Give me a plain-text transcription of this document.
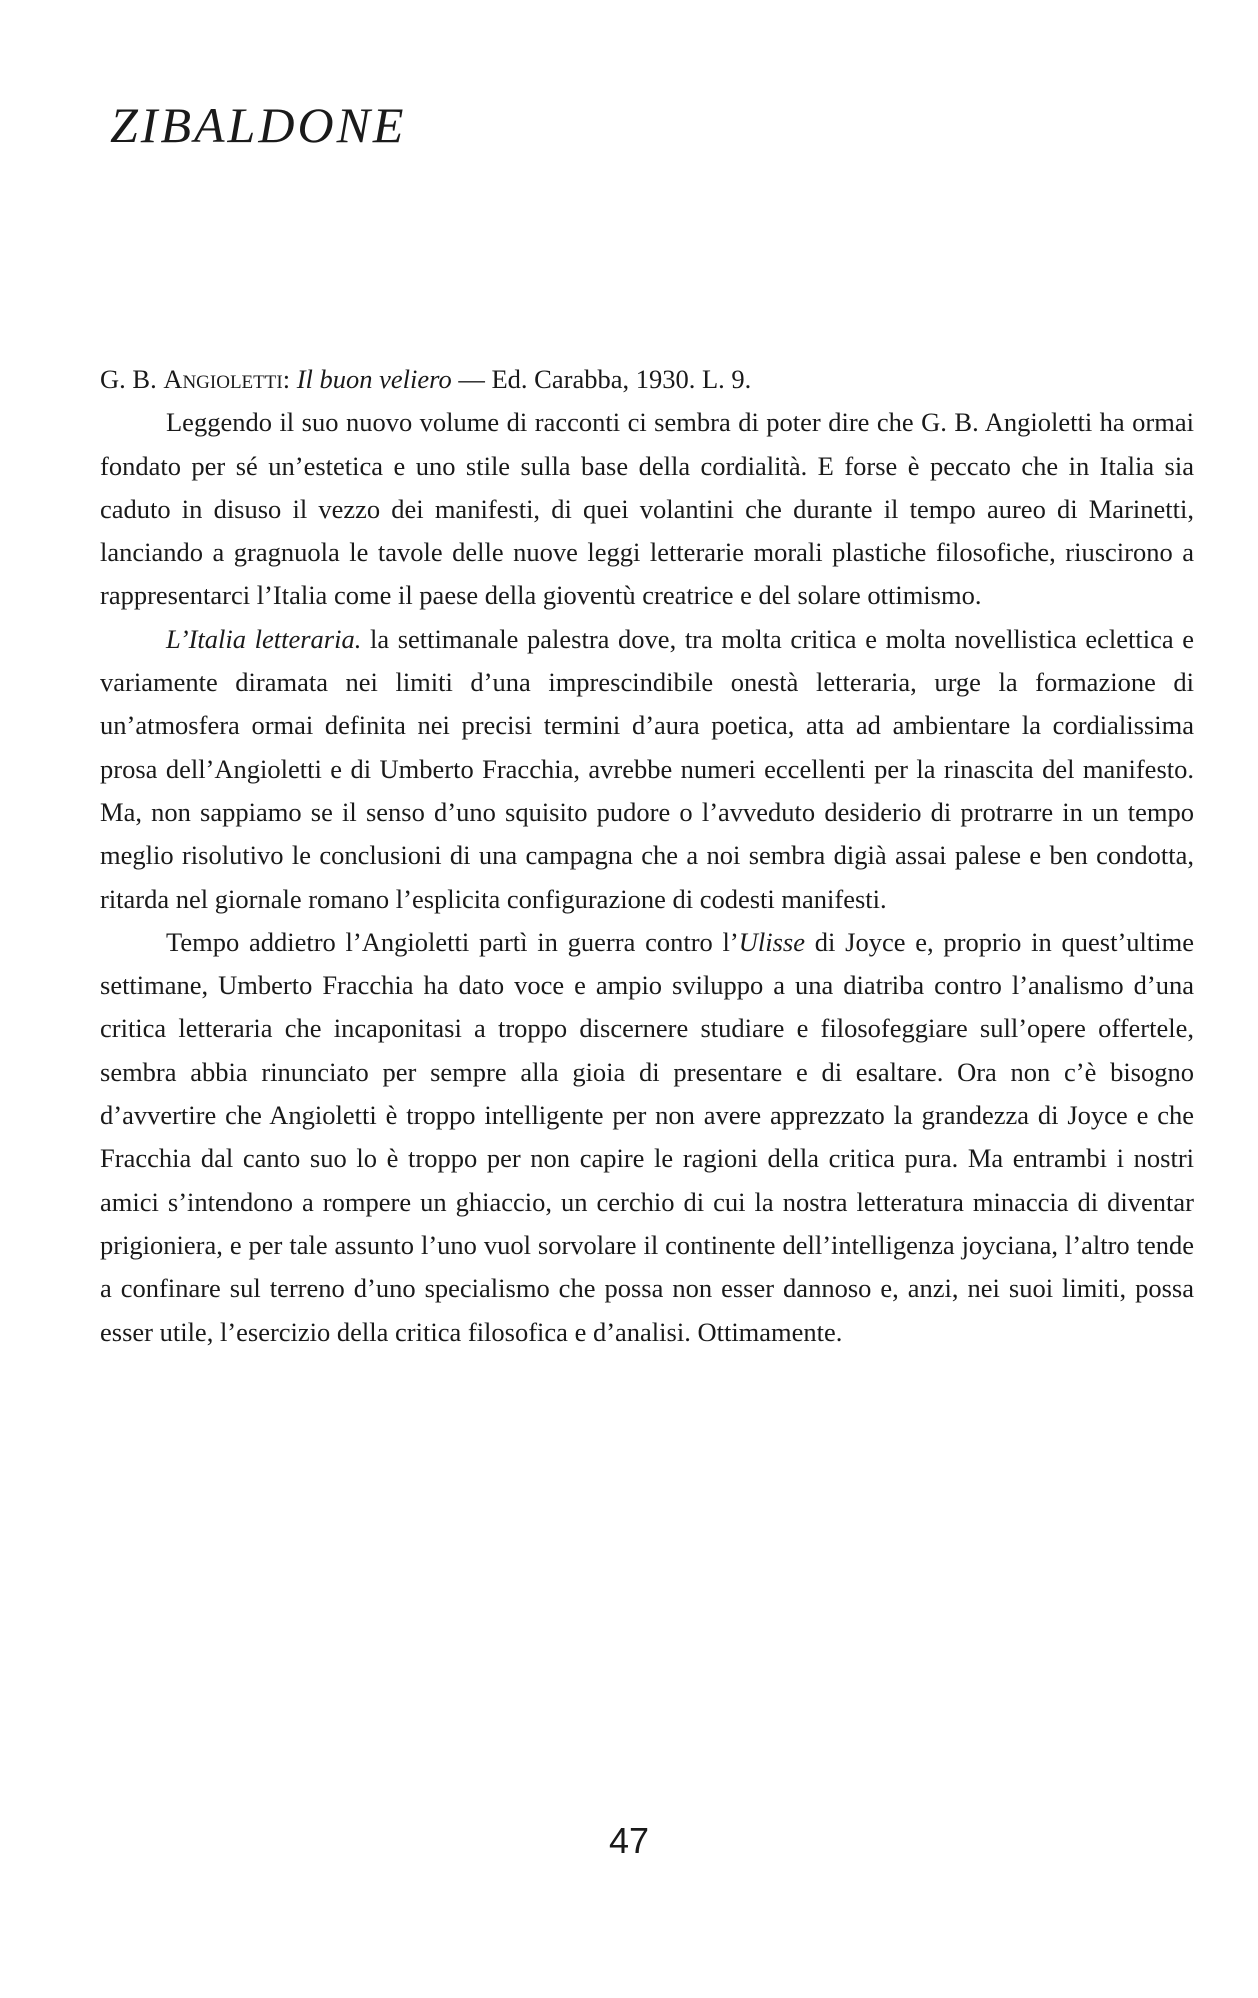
ZIBALDONE

G. B. Angioletti: Il buon veliero — Ed. Carabba, 1930. L. 9.

Leggendo il suo nuovo volume di racconti ci sembra di poter dire che G. B. Angioletti ha ormai fondato per sé un’estetica e uno stile sulla base della cordialità. E forse è peccato che in Italia sia caduto in disuso il vezzo dei manifesti, di quei volantini che durante il tempo aureo di Marinetti, lanciando a gragnuola le tavole delle nuove leggi letterarie morali plastiche filosofiche, riuscirono a rappresentarci l’Italia come il paese della gioventù creatrice e del solare ottimismo.

L’Italia letteraria. la settimanale palestra dove, tra molta critica e molta novellistica eclettica e variamente diramata nei limiti d’una imprescindibile onestà letteraria, urge la formazione di un’atmosfera ormai definita nei precisi termini d’aura poetica, atta ad ambientare la cordialissima prosa dell’Angioletti e di Umberto Fracchia, avrebbe numeri eccellenti per la rinascita del manifesto. Ma, non sappiamo se il senso d’uno squisito pudore o l’avveduto desiderio di protrarre in un tempo meglio risolutivo le conclusioni di una campagna che a noi sembra digià assai palese e ben condotta, ritarda nel giornale romano l’esplicita configurazione di codesti manifesti.

Tempo addietro l’Angioletti partì in guerra contro l’Ulisse di Joyce e, proprio in quest’ultime settimane, Umberto Fracchia ha dato voce e ampio sviluppo a una diatriba contro l’analismo d’una critica letteraria che incaponitasi a troppo discernere studiare e filosofeggiare sull’opere offertele, sembra abbia rinunciato per sempre alla gioia di presentare e di esaltare. Ora non c’è bisogno d’avvertire che Angioletti è troppo intelligente per non avere apprezzato la grandezza di Joyce e che Fracchia dal canto suo lo è troppo per non capire le ragioni della critica pura. Ma entrambi i nostri amici s’intendono a rompere un ghiaccio, un cerchio di cui la nostra letteratura minaccia di diventar prigioniera, e per tale assunto l’uno vuol sorvolare il continente dell’intelligenza joyciana, l’altro tende a confinare sul terreno d’uno specialismo che possa non esser dannoso e, anzi, nei suoi limiti, possa esser utile, l’esercizio della critica filosofica e d’analisi. Ottimamente.

47
